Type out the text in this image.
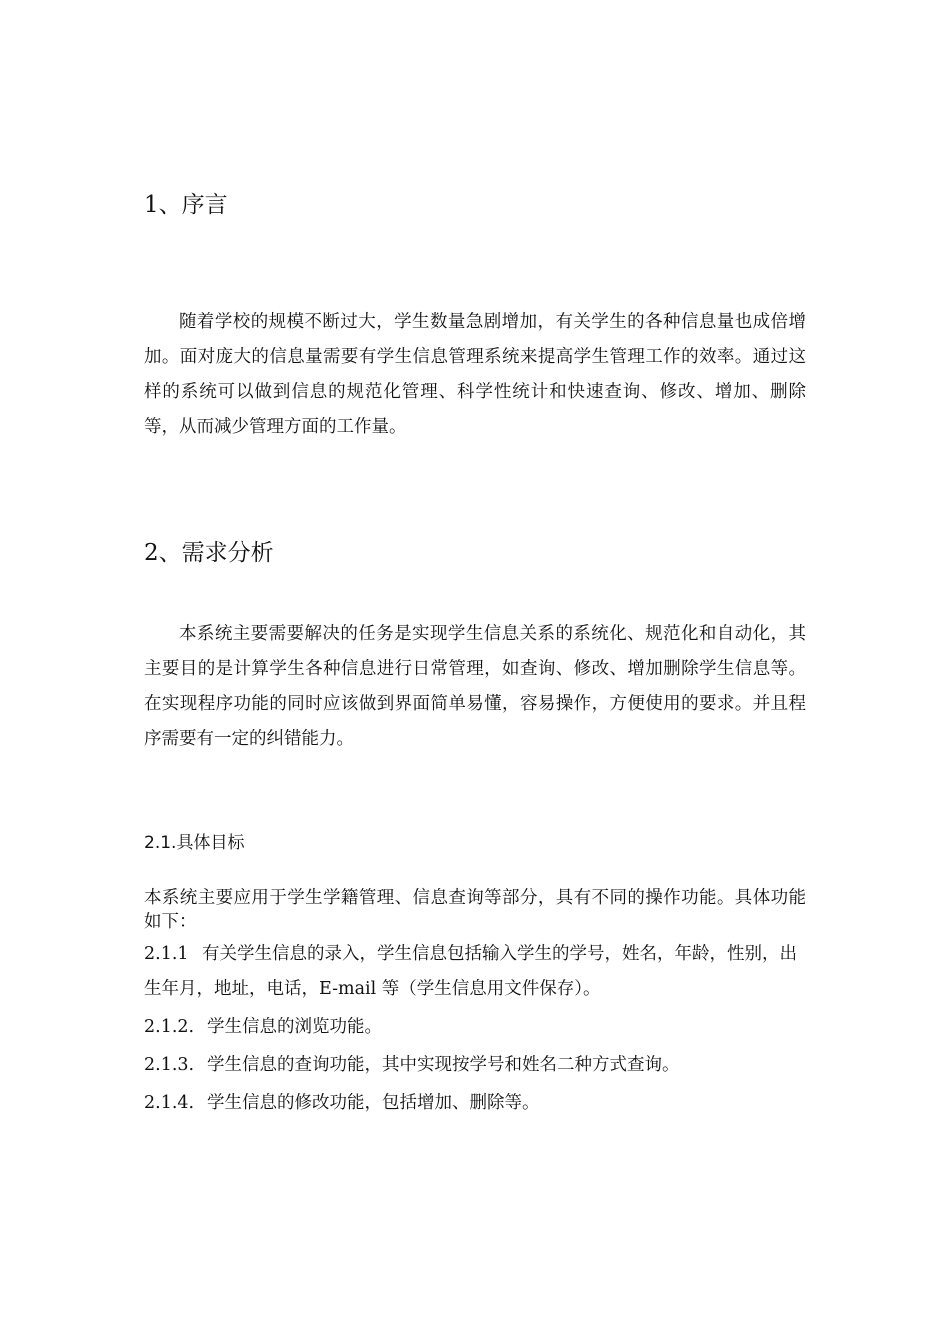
1、序言
随着学校的规模不断过大，学生数量急剧增加，有关学生的各种信息量也成倍增加。面对庞大的信息量需要有学生信息管理系统来提高学生管理工作的效率。通过这样的系统可以做到信息的规范化管理、科学性统计和快速查询、修改、增加、删除等，从而减少管理方面的工作量。
2、需求分析
本系统主要需要解决的任务是实现学生信息关系的系统化、规范化和自动化，其主要目的是计算学生各种信息进行日常管理，如查询、修改、增加删除学生信息等。在实现程序功能的同时应该做到界面简单易懂，容易操作，方便使用的要求。并且程序需要有一定的纠错能力。
2.1.具体目标
本系统主要应用于学生学籍管理、信息查询等部分，具有不同的操作功能。具体功能如下：
2.1.1 有关学生信息的录入，学生信息包括输入学生的学号，姓名，年龄，性别，出生年月，地址，电话，E-mail 等（学生信息用文件保存）。
2.1.2. 学生信息的浏览功能。
2.1.3. 学生信息的查询功能，其中实现按学号和姓名二种方式查询。
2.1.4. 学生信息的修改功能，包括增加、删除等。
